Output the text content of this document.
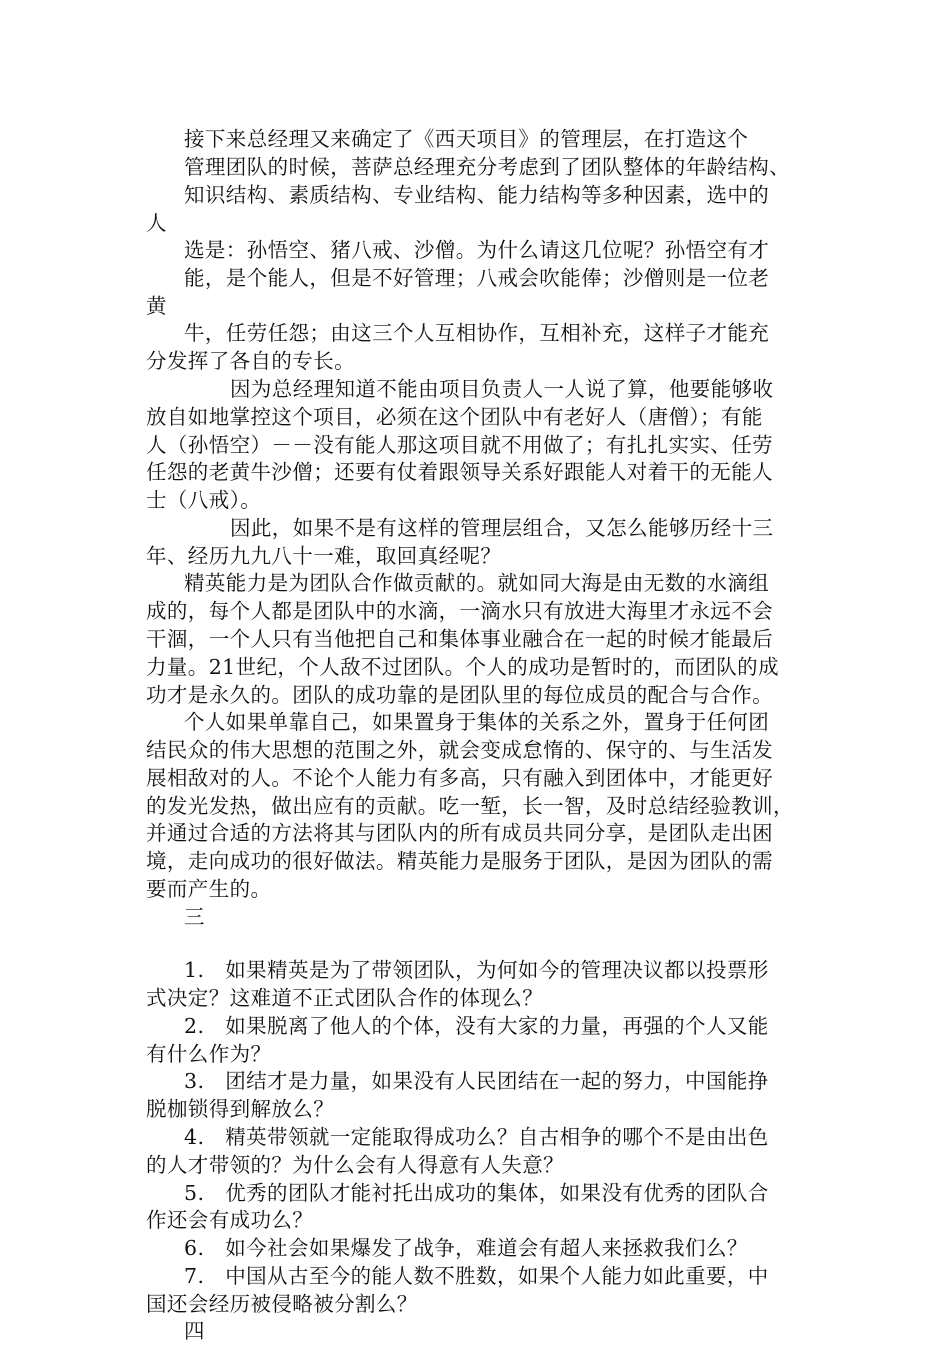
接下来总经理又来确定了《西天项目》的管理层，在打造这个
管理团队的时候，菩萨总经理充分考虑到了团队整体的年龄结构、
知识结构、素质结构、专业结构、能力结构等多种因素，选中的
人
选是：孙悟空、猪八戒、沙僧。为什么请这几位呢？孙悟空有才
能，是个能人，但是不好管理；八戒会吹能俸；沙僧则是一位老
黄
牛，任劳任怨；由这三个人互相协作，互相补充，这样子才能充
分发挥了各自的专长。
因为总经理知道不能由项目负责人一人说了算，他要能够收
放自如地掌控这个项目，必须在这个团队中有老好人（唐僧）；有能
人（孙悟空）－－没有能人那这项目就不用做了；有扎扎实实、任劳
任怨的老黄牛沙僧；还要有仗着跟领导关系好跟能人对着干的无能人
士（八戒）。
因此，如果不是有这样的管理层组合，又怎么能够历经十三
年、经历九九八十一难，取回真经呢？
精英能力是为团队合作做贡献的。就如同大海是由无数的水滴组
成的，每个人都是团队中的水滴，一滴水只有放进大海里才永远不会
干涸，一个人只有当他把自己和集体事业融合在一起的时候才能最后
力量。21世纪，个人敌不过团队。个人的成功是暂时的，而团队的成
功才是永久的。团队的成功靠的是团队里的每位成员的配合与合作。
个人如果单靠自己，如果置身于集体的关系之外，置身于任何团
结民众的伟大思想的范围之外，就会变成怠惰的、保守的、与生活发
展相敌对的人。不论个人能力有多高，只有融入到团体中，才能更好
的发光发热，做出应有的贡献。吃一堑，长一智，及时总结经验教训，
并通过合适的方法将其与团队内的所有成员共同分享，是团队走出困
境，走向成功的很好做法。精英能力是服务于团队，是因为团队的需
要而产生的。
三
1.　如果精英是为了带领团队，为何如今的管理决议都以投票形
式决定？这难道不正式团队合作的体现么？
2.　如果脱离了他人的个体，没有大家的力量，再强的个人又能
有什么作为？
3.　团结才是力量，如果没有人民团结在一起的努力，中国能挣
脱枷锁得到解放么？
4.　精英带领就一定能取得成功么？自古相争的哪个不是由出色
的人才带领的？为什么会有人得意有人失意？
5.　优秀的团队才能衬托出成功的集体，如果没有优秀的团队合
作还会有成功么？
6.　如今社会如果爆发了战争，难道会有超人来拯救我们么？
7.　中国从古至今的能人数不胜数，如果个人能力如此重要，中
国还会经历被侵略被分割么？
四
